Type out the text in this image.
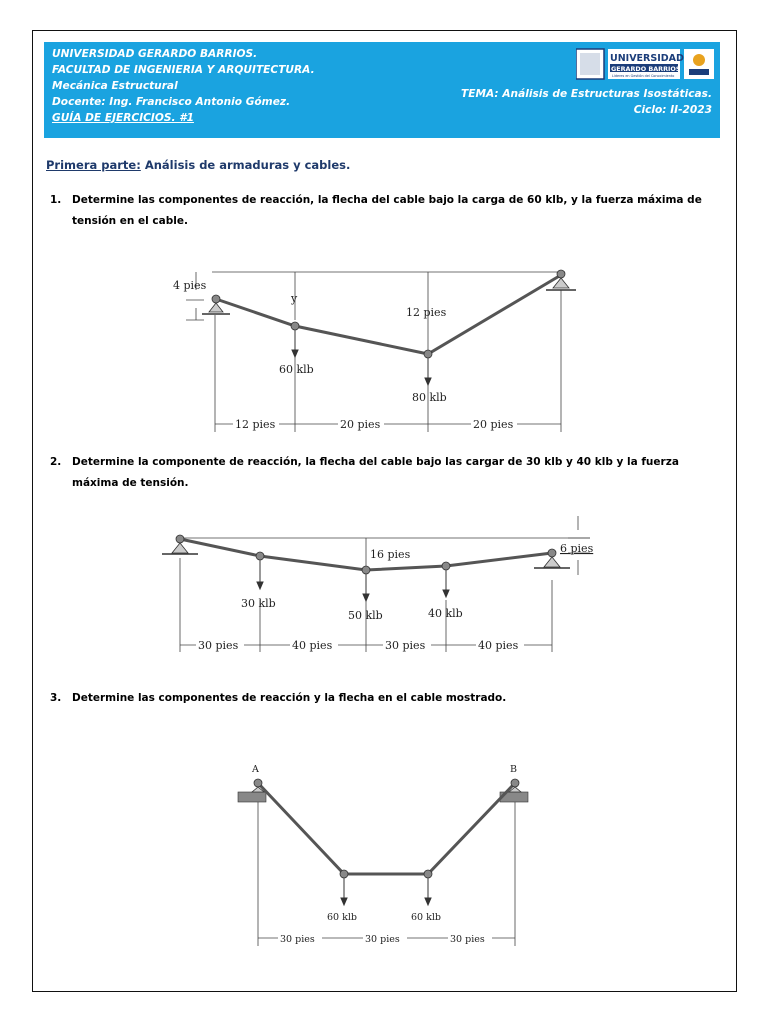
UNIVERSIDAD GERARDO BARRIOS.
FACULTAD DE INGENIERIA Y ARQUITECTURA.
Mecánica Estructural
Docente: Ing. Francisco Antonio Gómez.
GUÍA DE EJERCICIOS. #1
TEMA: Análisis de Estructuras Isostáticas.
Ciclo: II-2023
UNIVERSIDAD
GERARDO BARRIOS
Líderes en Gestión del Conocimiento
Primera parte: Análisis de armaduras y cables.
1. Determine las componentes de reacción, la flecha del cable bajo la carga de 60 klb, y la fuerza máxima de tensión en el cable.
2. Determine la componente de reacción, la flecha del cable bajo las cargar de 30 klb y 40 klb y la fuerza máxima de tensión.
3. Determine las componentes de reacción y la flecha en el cable mostrado.
4 pies
y
12 pies
60 klb
80 klb
12 pies	20 pies	20 pies
16 pies	6 pies
30 klb
50 klb	40 klb
30 pies	40 pies	30 pies	40 pies
A	B
60 klb	60 klb
30 pies	30 pies	30 pies
